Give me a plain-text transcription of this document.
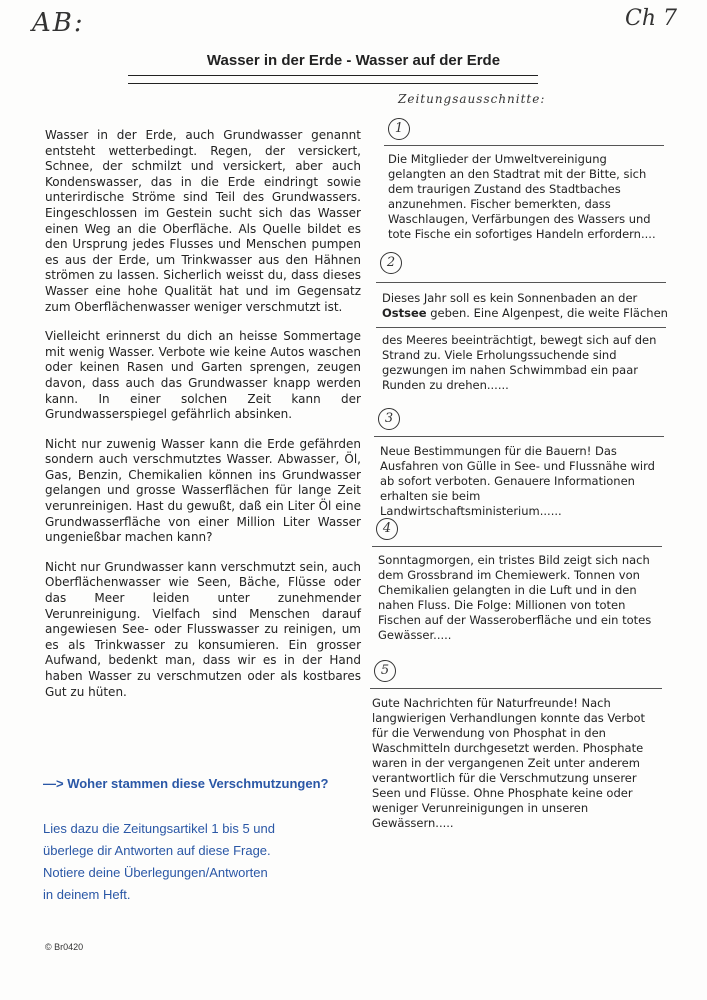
AB:	Ch 7
Zeitungsausschnitte:
Wasser in der Erde - Wasser auf der Erde

Wasser in der Erde, auch Grundwasser genannt entsteht wetterbedingt. Regen, der versickert, Schnee, der schmilzt und versickert, aber auch Kondenswasser, das in die Erde eindringt sowie unterirdische Ströme sind Teil des Grundwassers. Eingeschlossen im Gestein sucht sich das Wasser einen Weg an die Oberfläche. Als Quelle bildet es den Ursprung jedes Flusses und Menschen pumpen es aus der Erde, um Trinkwasser aus den Hähnen strömen zu lassen. Sicherlich weisst du, dass dieses Wasser eine hohe Qualität hat und im Gegensatz zum Oberflächenwasser weniger verschmutzt ist.

Vielleicht erinnerst du dich an heisse Sommertage mit wenig Wasser. Verbote wie keine Autos waschen oder keinen Rasen und Garten sprengen, zeugen davon, dass auch das Grundwasser knapp werden kann. In einer solchen Zeit kann der Grundwasserspiegel gefährlich absinken.

Nicht nur zuwenig Wasser kann die Erde gefährden sondern auch verschmutztes Wasser. Abwasser, Öl, Gas, Benzin, Chemikalien können ins Grundwasser gelangen und grosse Wasserflächen für lange Zeit verunreinigen. Hast du gewußt, daß ein Liter Öl eine Grundwasserfläche von einer Million Liter Wasser ungenießbar machen kann?

Nicht nur Grundwasser kann verschmutzt sein, auch Oberflächenwasser wie Seen, Bäche, Flüsse oder das Meer leiden unter zunehmender Verunreinigung. Vielfach sind Menschen darauf angewiesen See- oder Flusswasser zu reinigen, um es als Trinkwasser zu konsumieren. Ein grosser Aufwand, bedenkt man, dass wir es in der Hand haben Wasser zu verschmutzen oder als kostbares Gut zu hüten.

—> Woher stammen diese Verschmutzungen?
Lies dazu die Zeitungsartikel 1 bis 5 und
überlege dir Antworten auf diese Frage.
Notiere deine Überlegungen/Antworten
in deinem Heft.
© Br0420
1
Die Mitglieder der Umweltvereinigung gelangten an den Stadtrat mit der Bitte, sich dem traurigen Zustand des Stadtbaches anzunehmen. Fischer bemerkten, dass Waschlaugen, Verfärbungen des Wassers und tote Fische ein sofortiges Handeln erfordern....
2
Dieses Jahr soll es kein Sonnenbaden an der
Ostsee geben. Eine Algenpest, die weite Flächen
des Meeres beeinträchtigt, bewegt sich auf den Strand zu. Viele Erholungssuchende sind gezwungen im nahen Schwimmbad ein paar Runden zu drehen......
3
Neue Bestimmungen für die Bauern! Das Ausfahren von Gülle in See- und Flussnähe wird ab sofort verboten. Genauere Informationen erhalten sie beim Landwirtschaftsministerium......
4
Sonntagmorgen, ein tristes Bild zeigt sich nach dem Grossbrand im Chemiewerk. Tonnen von Chemikalien gelangten in die Luft und in den nahen Fluss. Die Folge: Millionen von toten Fischen auf der Wasseroberfläche und ein totes Gewässer.....
5
Gute Nachrichten für Naturfreunde! Nach langwierigen Verhandlungen konnte das Verbot für die Verwendung von Phosphat in den Waschmitteln durchgesetzt werden. Phosphate waren in der vergangenen Zeit unter anderem verantwortlich für die Verschmutzung unserer Seen und Flüsse. Ohne Phosphate keine oder weniger Verunreinigungen in unseren Gewässern.....
